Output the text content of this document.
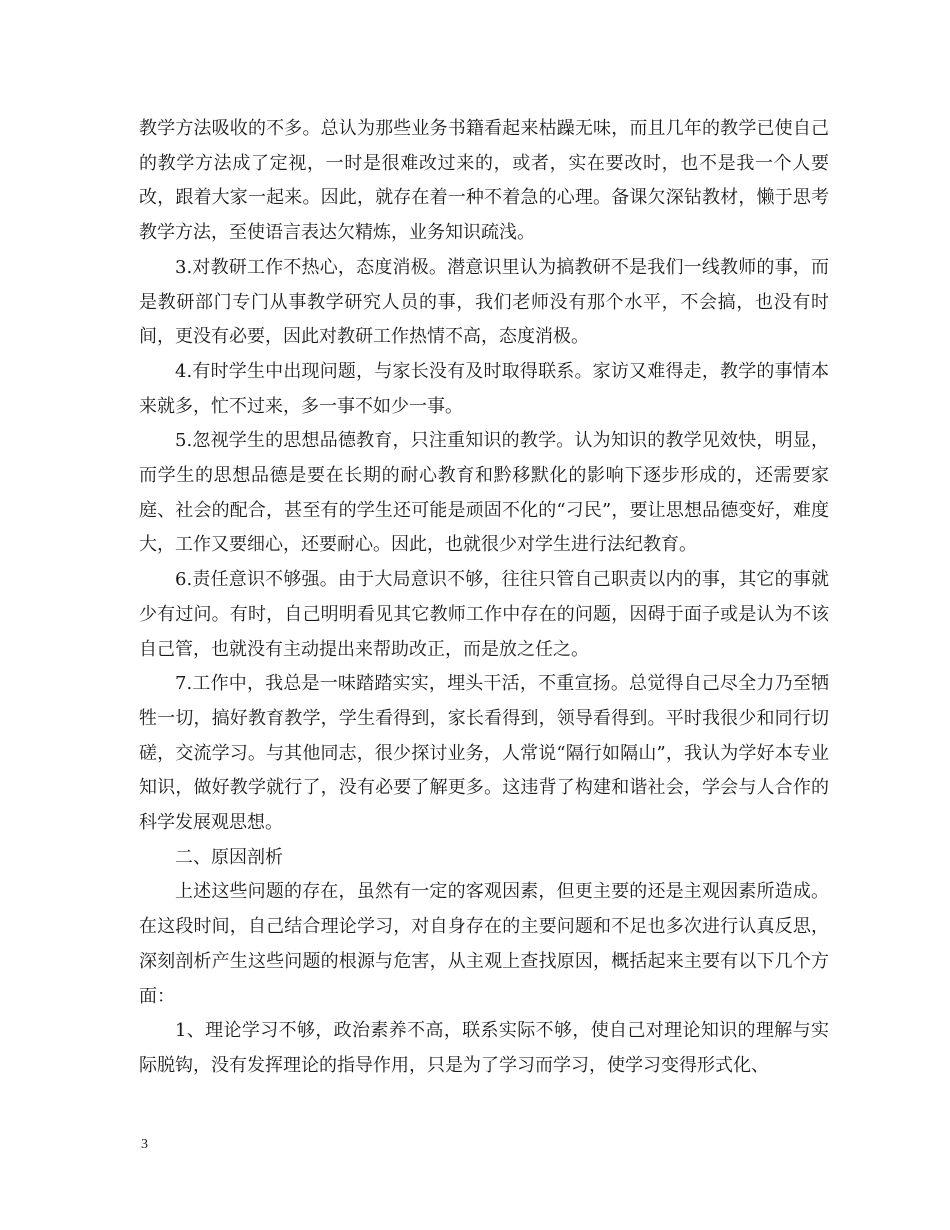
教学方法吸收的不多。总认为那些业务书籍看起来枯躁无味，而且几年的教学已使自己的教学方法成了定视，一时是很难改过来的，或者，实在要改时，也不是我一个人要改，跟着大家一起来。因此，就存在着一种不着急的心理。备课欠深钻教材，懒于思考教学方法，至使语言表达欠精炼，业务知识疏浅。

3.对教研工作不热心，态度消极。潜意识里认为搞教研不是我们一线教师的事，而是教研部门专门从事教学研究人员的事，我们老师没有那个水平，不会搞，也没有时间，更没有必要，因此对教研工作热情不高，态度消极。

4.有时学生中出现问题，与家长没有及时取得联系。家访又难得走，教学的事情本来就多，忙不过来，多一事不如少一事。

5.忽视学生的思想品德教育，只注重知识的教学。认为知识的教学见效快，明显，而学生的思想品德是要在长期的耐心教育和黔移默化的影响下逐步形成的，还需要家庭、社会的配合，甚至有的学生还可能是顽固不化的“刁民”，要让思想品德变好，难度大，工作又要细心，还要耐心。因此，也就很少对学生进行法纪教育。

6.责任意识不够强。由于大局意识不够，往往只管自己职责以内的事，其它的事就少有过问。有时，自己明明看见其它教师工作中存在的问题，因碍于面子或是认为不该自己管，也就没有主动提出来帮助改正，而是放之任之。

7.工作中，我总是一味踏踏实实，埋头干活，不重宣扬。总觉得自己尽全力乃至牺牲一切，搞好教育教学，学生看得到，家长看得到，领导看得到。平时我很少和同行切磋，交流学习。与其他同志，很少探讨业务，人常说“隔行如隔山”，我认为学好本专业知识，做好教学就行了，没有必要了解更多。这违背了构建和谐社会，学会与人合作的科学发展观思想。

二、原因剖析

上述这些问题的存在，虽然有一定的客观因素，但更主要的还是主观因素所造成。在这段时间，自己结合理论学习，对自身存在的主要问题和不足也多次进行认真反思，深刻剖析产生这些问题的根源与危害，从主观上查找原因，概括起来主要有以下几个方面：

1、理论学习不够，政治素养不高，联系实际不够，使自己对理论知识的理解与实际脱钩，没有发挥理论的指导作用，只是为了学习而学习，使学习变得形式化、

3
